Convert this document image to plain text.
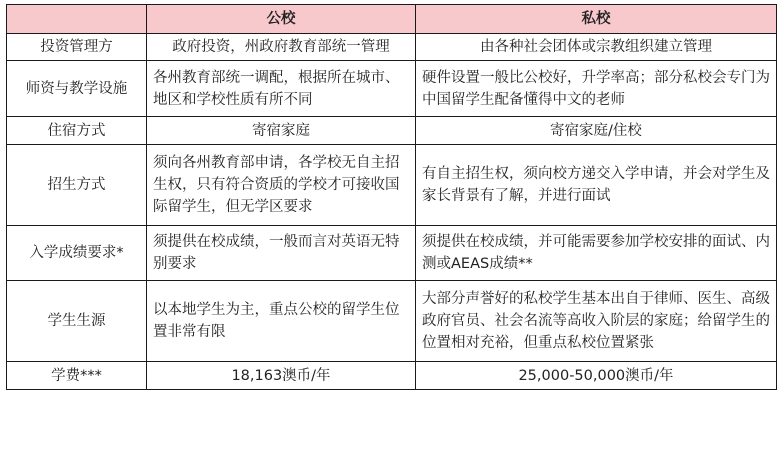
	公校	私校
投资管理方	政府投资，州政府教育部统一管理	由各种社会团体或宗教组织建立管理
师资与教学设施	各州教育部统一调配，根据所在城市、地区和学校性质有所不同	硬件设置一般比公校好，升学率高；部分私校会专门为中国留学生配备懂得中文的老师
住宿方式	寄宿家庭	寄宿家庭/住校
招生方式	须向各州教育部申请，各学校无自主招生权，只有符合资质的学校才可接收国际留学生，但无学区要求	有自主招生权，须向校方递交入学申请，并会对学生及家长背景有了解，并进行面试
入学成绩要求*	须提供在校成绩，一般而言对英语无特别要求	须提供在校成绩，并可能需要参加学校安排的面试、内测或AEAS成绩**
学生生源	以本地学生为主，重点公校的留学生位置非常有限	大部分声誉好的私校学生基本出自于律师、医生、高级政府官员、社会名流等高收入阶层的家庭；给留学生的位置相对充裕，但重点私校位置紧张
学费***	18,163澳币/年	25,000-50,000澳币/年
